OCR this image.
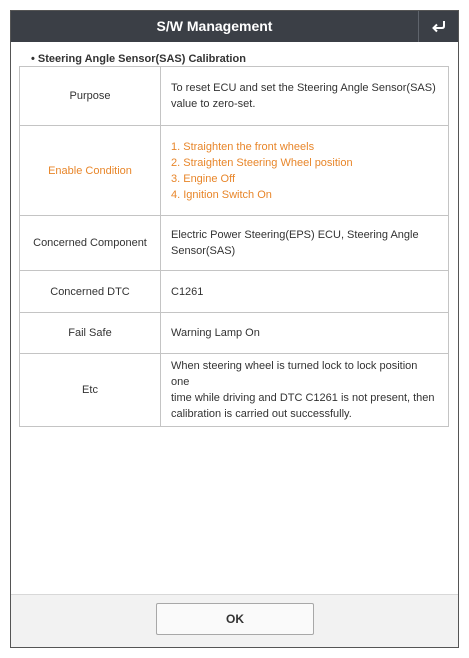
S/W Management
• Steering Angle Sensor(SAS) Calibration
Purpose	To reset ECU and set the Steering Angle Sensor(SAS)
value to zero-set.

Enable Condition	1. Straighten the front wheels
2. Straighten Steering Wheel position
3. Engine Off
4. Ignition Switch On

Concerned Component	Electric Power Steering(EPS) ECU, Steering Angle
Sensor(SAS)

Concerned DTC	C1261

Fail Safe	Warning Lamp On

Etc	When steering wheel is turned lock to lock position one
time while driving and DTC C1261 is not present, then
calibration is carried out successfully.
OK
